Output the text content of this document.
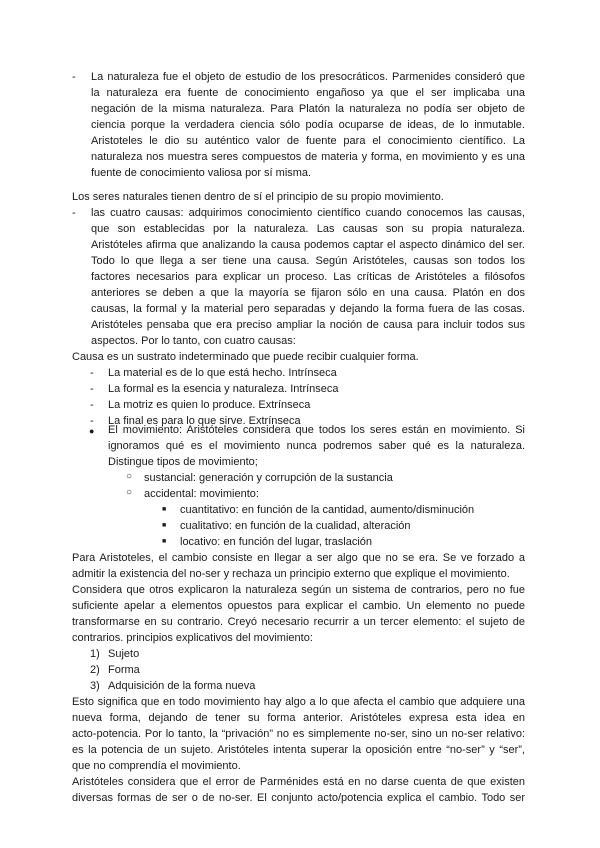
- La naturaleza fue el objeto de estudio de los presocráticos. Parmenides consideró que
la naturaleza era fuente de conocimiento engañoso ya que el ser implicaba una
negación de la misma naturaleza. Para Platón la naturaleza no podía ser objeto de
ciencia porque la verdadera ciencia sólo podía ocuparse de ideas, de lo inmutable.
Aristoteles le dio su auténtico valor de fuente para el conocimiento científico. La
naturaleza nos muestra seres compuestos de materia y forma, en movimiento y es una
fuente de conocimiento valiosa por sí misma.
Los seres naturales tienen dentro de sí el principio de su propio movimiento.
- las cuatro causas: adquirimos conocimiento científico cuando conocemos las causas,
que son establecidas por la naturaleza. Las causas son su propia naturaleza.
Aristóteles afirma que analizando la causa podemos captar el aspecto dinámico del ser.
Todo lo que llega a ser tiene una causa. Según Aristóteles, causas son todos los
factores necesarios para explicar un proceso. Las críticas de Aristóteles a filósofos
anteriores se deben a que la mayoría se fijaron sólo en una causa. Platón en dos
causas, la formal y la material pero separadas y dejando la forma fuera de las cosas.
Aristóteles pensaba que era preciso ampliar la noción de causa para incluir todos sus
aspectos. Por lo tanto, con cuatro causas:
Causa es un sustrato indeterminado que puede recibir cualquier forma.
- La material es de lo que está hecho. Intrínseca
- La formal es la esencia y naturaleza. Intrínseca
- La motriz es quien lo produce. Extrínseca
- La final es para lo que sirve. Extrínseca
● El movimiento: Aristóteles considera que todos los seres están en movimiento. Si
ignoramos qué es el movimiento nunca podremos saber qué es la naturaleza.
Distingue tipos de movimiento;
○ sustancial: generación y corrupción de la sustancia
○ accidental: movimiento:
■ cuantitativo: en función de la cantidad, aumento/disminución
■ cualitativo: en función de la cualidad, alteración
■ locativo: en función del lugar, traslación
Para Aristoteles, el cambio consiste en llegar a ser algo que no se era. Se ve forzado a
admitir la existencia del no-ser y rechaza un principio externo que explique el movimiento.
Considera que otros explicaron la naturaleza según un sistema de contrarios, pero no fue
suficiente apelar a elementos opuestos para explicar el cambio. Un elemento no puede
transformarse en su contrario. Creyó necesario recurrir a un tercer elemento: el sujeto de
contrarios. principios explicativos del movimiento:
1) Sujeto
2) Forma
3) Adquisición de la forma nueva
Esto significa que en todo movimiento hay algo a lo que afecta el cambio que adquiere una
nueva forma, dejando de tener su forma anterior. Aristóteles expresa esta idea en
acto-potencia. Por lo tanto, la “privación” no es simplemente no-ser, sino un no-ser relativo:
es la potencia de un sujeto. Aristóteles intenta superar la oposición entre “no-ser” y “ser”,
que no comprendía el movimiento.
Aristóteles considera que el error de Parménides está en no darse cuenta de que existen
diversas formas de ser o de no-ser. El conjunto acto/potencia explica el cambio. Todo ser
